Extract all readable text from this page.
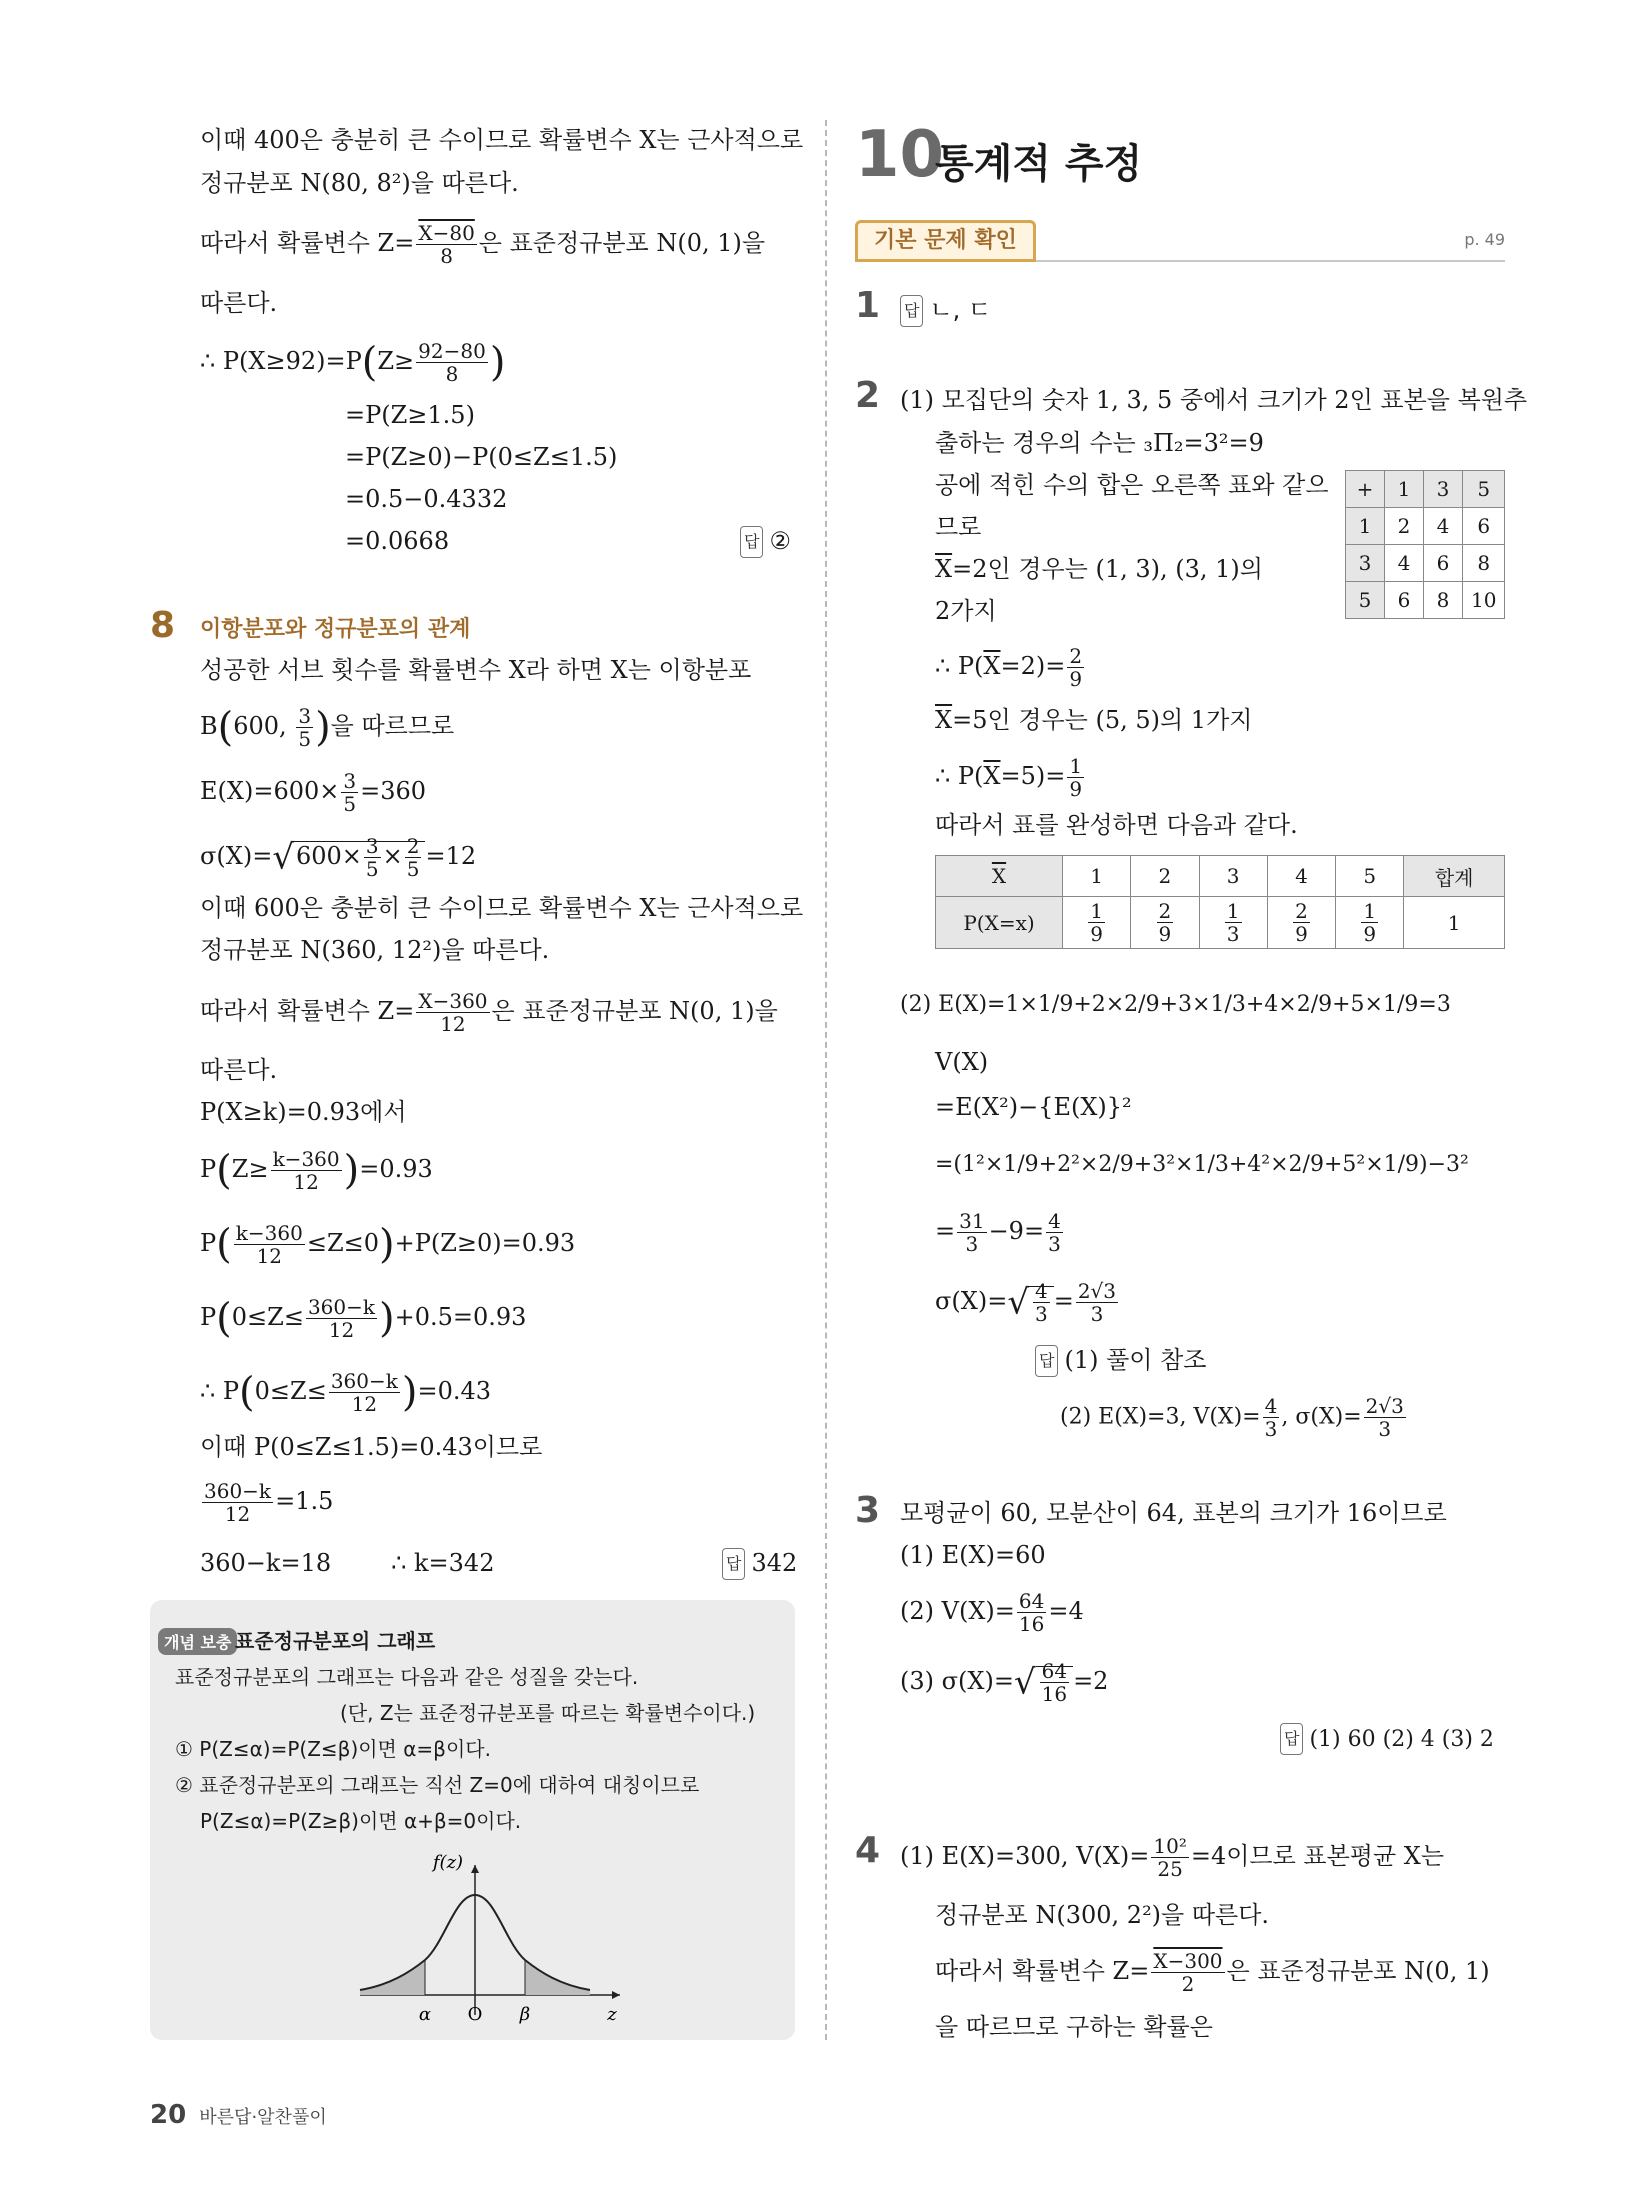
이때 400은 충분히 큰 수이므로 확률변수 X는 근사적으로
정규분포 N(80, 8²)을 따른다.
따라서 확률변수 $Z= \frac{X-80}{8}$ 은 표준정규분포 N(0, 1)을
따른다.
∴ $P(X\ge 92)=P(Z\ge \frac{92-80}{8}$ )
=P(Z≥1.5)
=P(Z≥0)−P(0≤Z≤1.5)
=0.5−0.4332
=0.0668	답 ②
8 이항분포와 정규분포의 관계
성공한 서브 횟수를 확률변수 X라 하면 X는 이항분포
B(600, $\frac{3}{5}$ )을 따르므로
$E(X)=600\times \frac{3}{5} =360$
$\sigma(X)=√600\times \frac{3}{5} \times \frac{2}{5} =12$
이때 600은 충분히 큰 수이므로 확률변수 X는 근사적으로
정규분포 N(360, 12²)을 따른다.
따라서 확률변수 $Z= \frac{X-360}{12}$ 은 표준정규분포 N(0, 1)을
따른다.
P(X≥k)=0.93에서
$P(Z\ge \frac{k-360}{12} )=0.93$
$P( \frac{k-360}{12} \le Z\le 0)+P(Z\ge 0)=0.93$
$P(0\le Z\le \frac{360-k}{12} )+0.5=0.93$
∴ $P(0\le Z\le \frac{360-k}{12} )=0.43$
이때 P(0≤Z≤1.5)=0.43이므로
$\frac{360-k}{12} =1.5$
360−k=18	∴ k=342	답 342
개념 보충 표준정규분포의 그래프
표준정규분포의 그래프는 다음과 같은 성질을 갖는다.
(단, Z는 표준정규분포를 따르는 확률변수이다.)
① P(Z≤α)=P(Z≤β)이면 α=β이다.
② 표준정규분포의 그래프는 직선 Z=0에 대하여 대칭이므로
P(Z≤α)=P(Z≥β)이면 α+β=0이다.
α O β	z
f(z)
10
통계적 추정
기본 문제 확인	p. 49
1 답 ㄴ, ㄷ
2 (1) 모집단의 숫자 1, 3, 5 중에서 크기가 2인 표본을 복원추
출하는 경우의 수는 ₃Π₂=3²=9
공에 적힌 수의 합은 오른쪽 표와 같으
므로
$\overline{X}=2$인 경우는 (1, 3), (3, 1)의
2가지
+	1	3	5
1	2	4	6
3	4	6	8
5	6	8	10
∴ $P(\overline{X}=2)= \frac{2}{9}$
$\overline{X}=5$인 경우는 (5, 5)의 1가지
∴ $P(\overline{X}=5)= \frac{1}{9}$
따라서 표를 완성하면 다음과 같다.
$\overline{X}$	1	2	3	4	5	합계
P(X=x)	$\frac{1}{9}$	$\frac{2}{9}$	$\frac{1}{3}$	$\frac{2}{9}$	$\frac{1}{9}$	1
(2) E(X)=1×1/9+2×2/9+3×1/3+4×2/9+5×1/9=3
V(X)
=E(X²)−{E(X)}²
=(1²×1/9+2²×2/9+3²×1/3+4²×2/9+5²×1/9)−3²
= $\frac{31}{3} -9= \frac{4}{3}$
$\sigma(X)=√ \frac{4}{3} = \frac{2√3}{3}$
답 (1) 풀이 참조
(2) E(X)=3, $V(X)= \frac{4}{3}$ , $\sigma(X)= \frac{2√3}{3}$
3 모평균이 60, 모분산이 64, 표본의 크기가 16이므로
(1) E(X)=60
(2) $V(X)= \frac{64}{16} =4$
(3) $\sigma(X)=√ \frac{64}{16} =2$
답 (1) 60 (2) 4 (3) 2
4 (1) E(X)=300, $V(X)= \frac{\text{10²}}{25} =4$이므로 표본평균 X는
정규분포 N(300, 2²)을 따른다.
따라서 확률변수 $Z= \frac{X-300}{2}$ 은 표준정규분포 N(0, 1)
을 따르므로 구하는 확률은
20 바른답·알찬풀이
